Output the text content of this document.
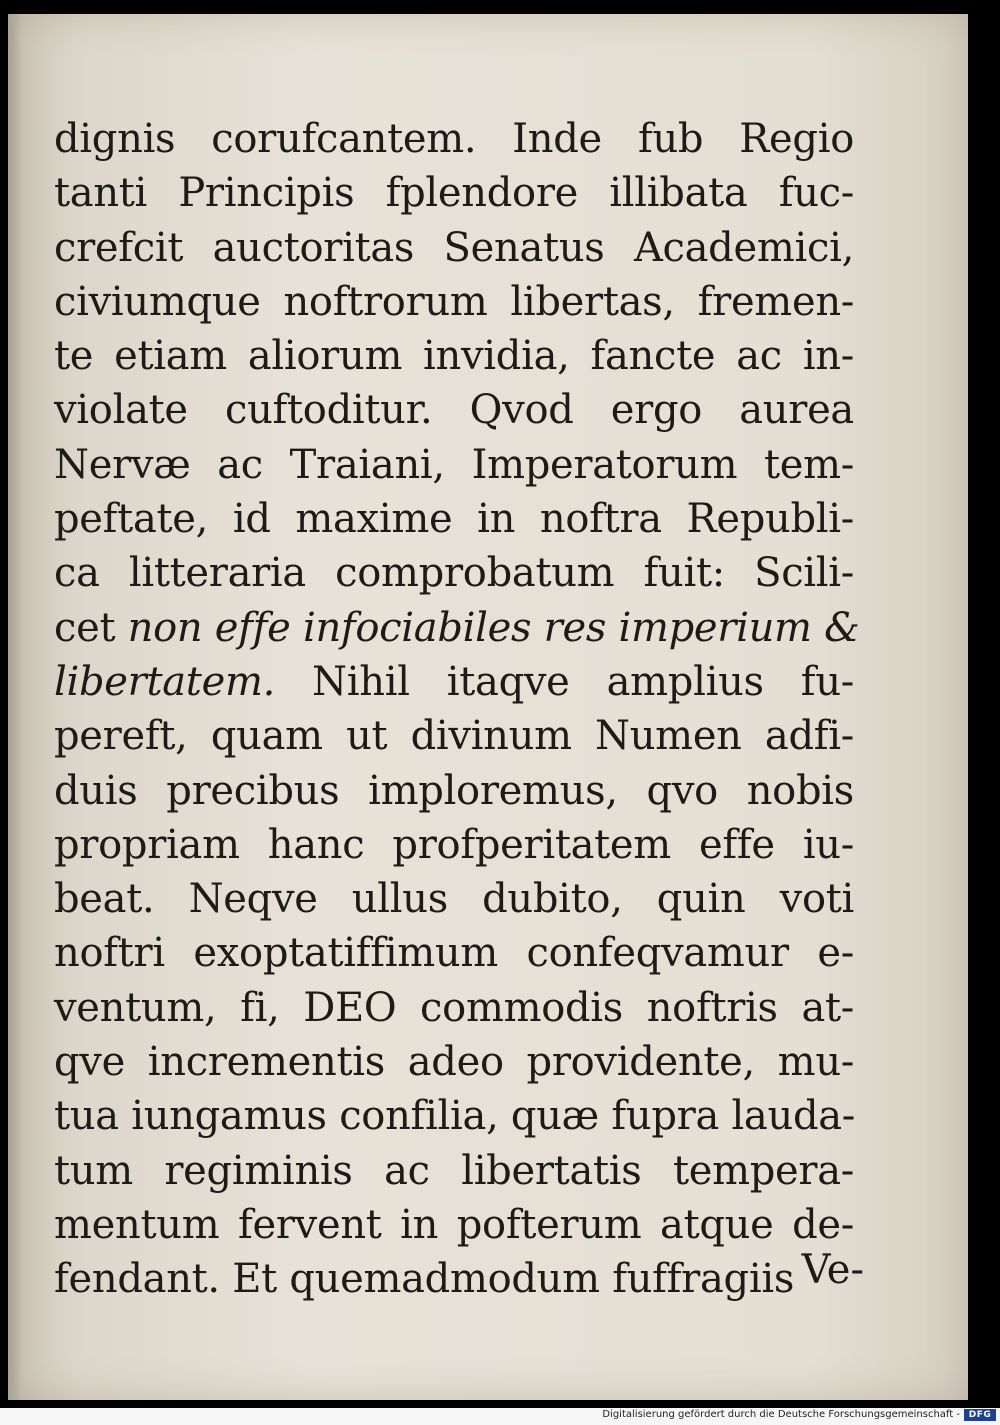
dignis corufcantem. Inde fub Regio
tanti Principis fplendore illibata fuc-
crefcit auctoritas Senatus Academici,
civiumque noftrorum libertas, fremen-
te etiam aliorum invidia, fancte ac in-
violate cuftoditur. Qvod ergo aurea
Nervæ ac Traiani, Imperatorum tem-
peftate, id maxime in noftra Republi-
ca litteraria comprobatum fuit: Scili-
cet non effe infociabiles res imperium &
libertatem. Nihil itaqve amplius fu-
pereft, quam ut divinum Numen adfi-
duis precibus imploremus, qvo nobis
propriam hanc profperitatem effe iu-
beat. Neqve ullus dubito, quin voti
noftri exoptatiffimum confeqvamur e-
ventum, fi, DEO commodis noftris at-
qve incrementis adeo providente, mu-
tua iungamus confilia, quæ fupra lauda-
tum regiminis ac libertatis tempera-
mentum fervent in pofterum atque de-
fendant. Et quemadmodum fuffragiis Ve-
Digitalisierung gefördert durch die Deutsche Forschungsgemeinschaft - DFG
